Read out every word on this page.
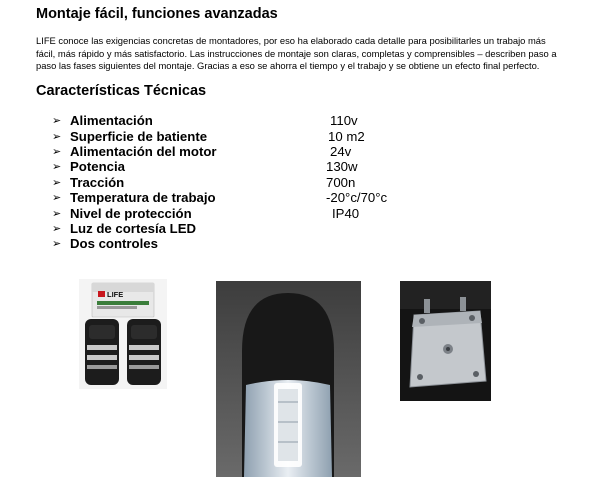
Montaje fácil, funciones avanzadas
LIFE conoce las exigencias concretas de montadores, por eso ha elaborado cada detalle para posibilitarles un trabajo más fácil, más rápido y más satisfactorio. Las instrucciones de montaje son claras, completas y comprensibles – describen paso a paso las fases siguientes del montaje. Gracias a eso se ahorra el tiempo y el trabajo y se obtiene un efecto final perfecto.
Características Técnicas
➢ Alimentación	110v
➢ Superficie de batiente	10 m2
➢ Alimentación del motor	24v
➢ Potencia	130w
➢ Tracción	700n
➢ Temperatura de trabajo	-20°c/70°c
➢ Nivel de protección	IP40
➢ Luz de cortesía LED
➢ Dos controles
LIFE
